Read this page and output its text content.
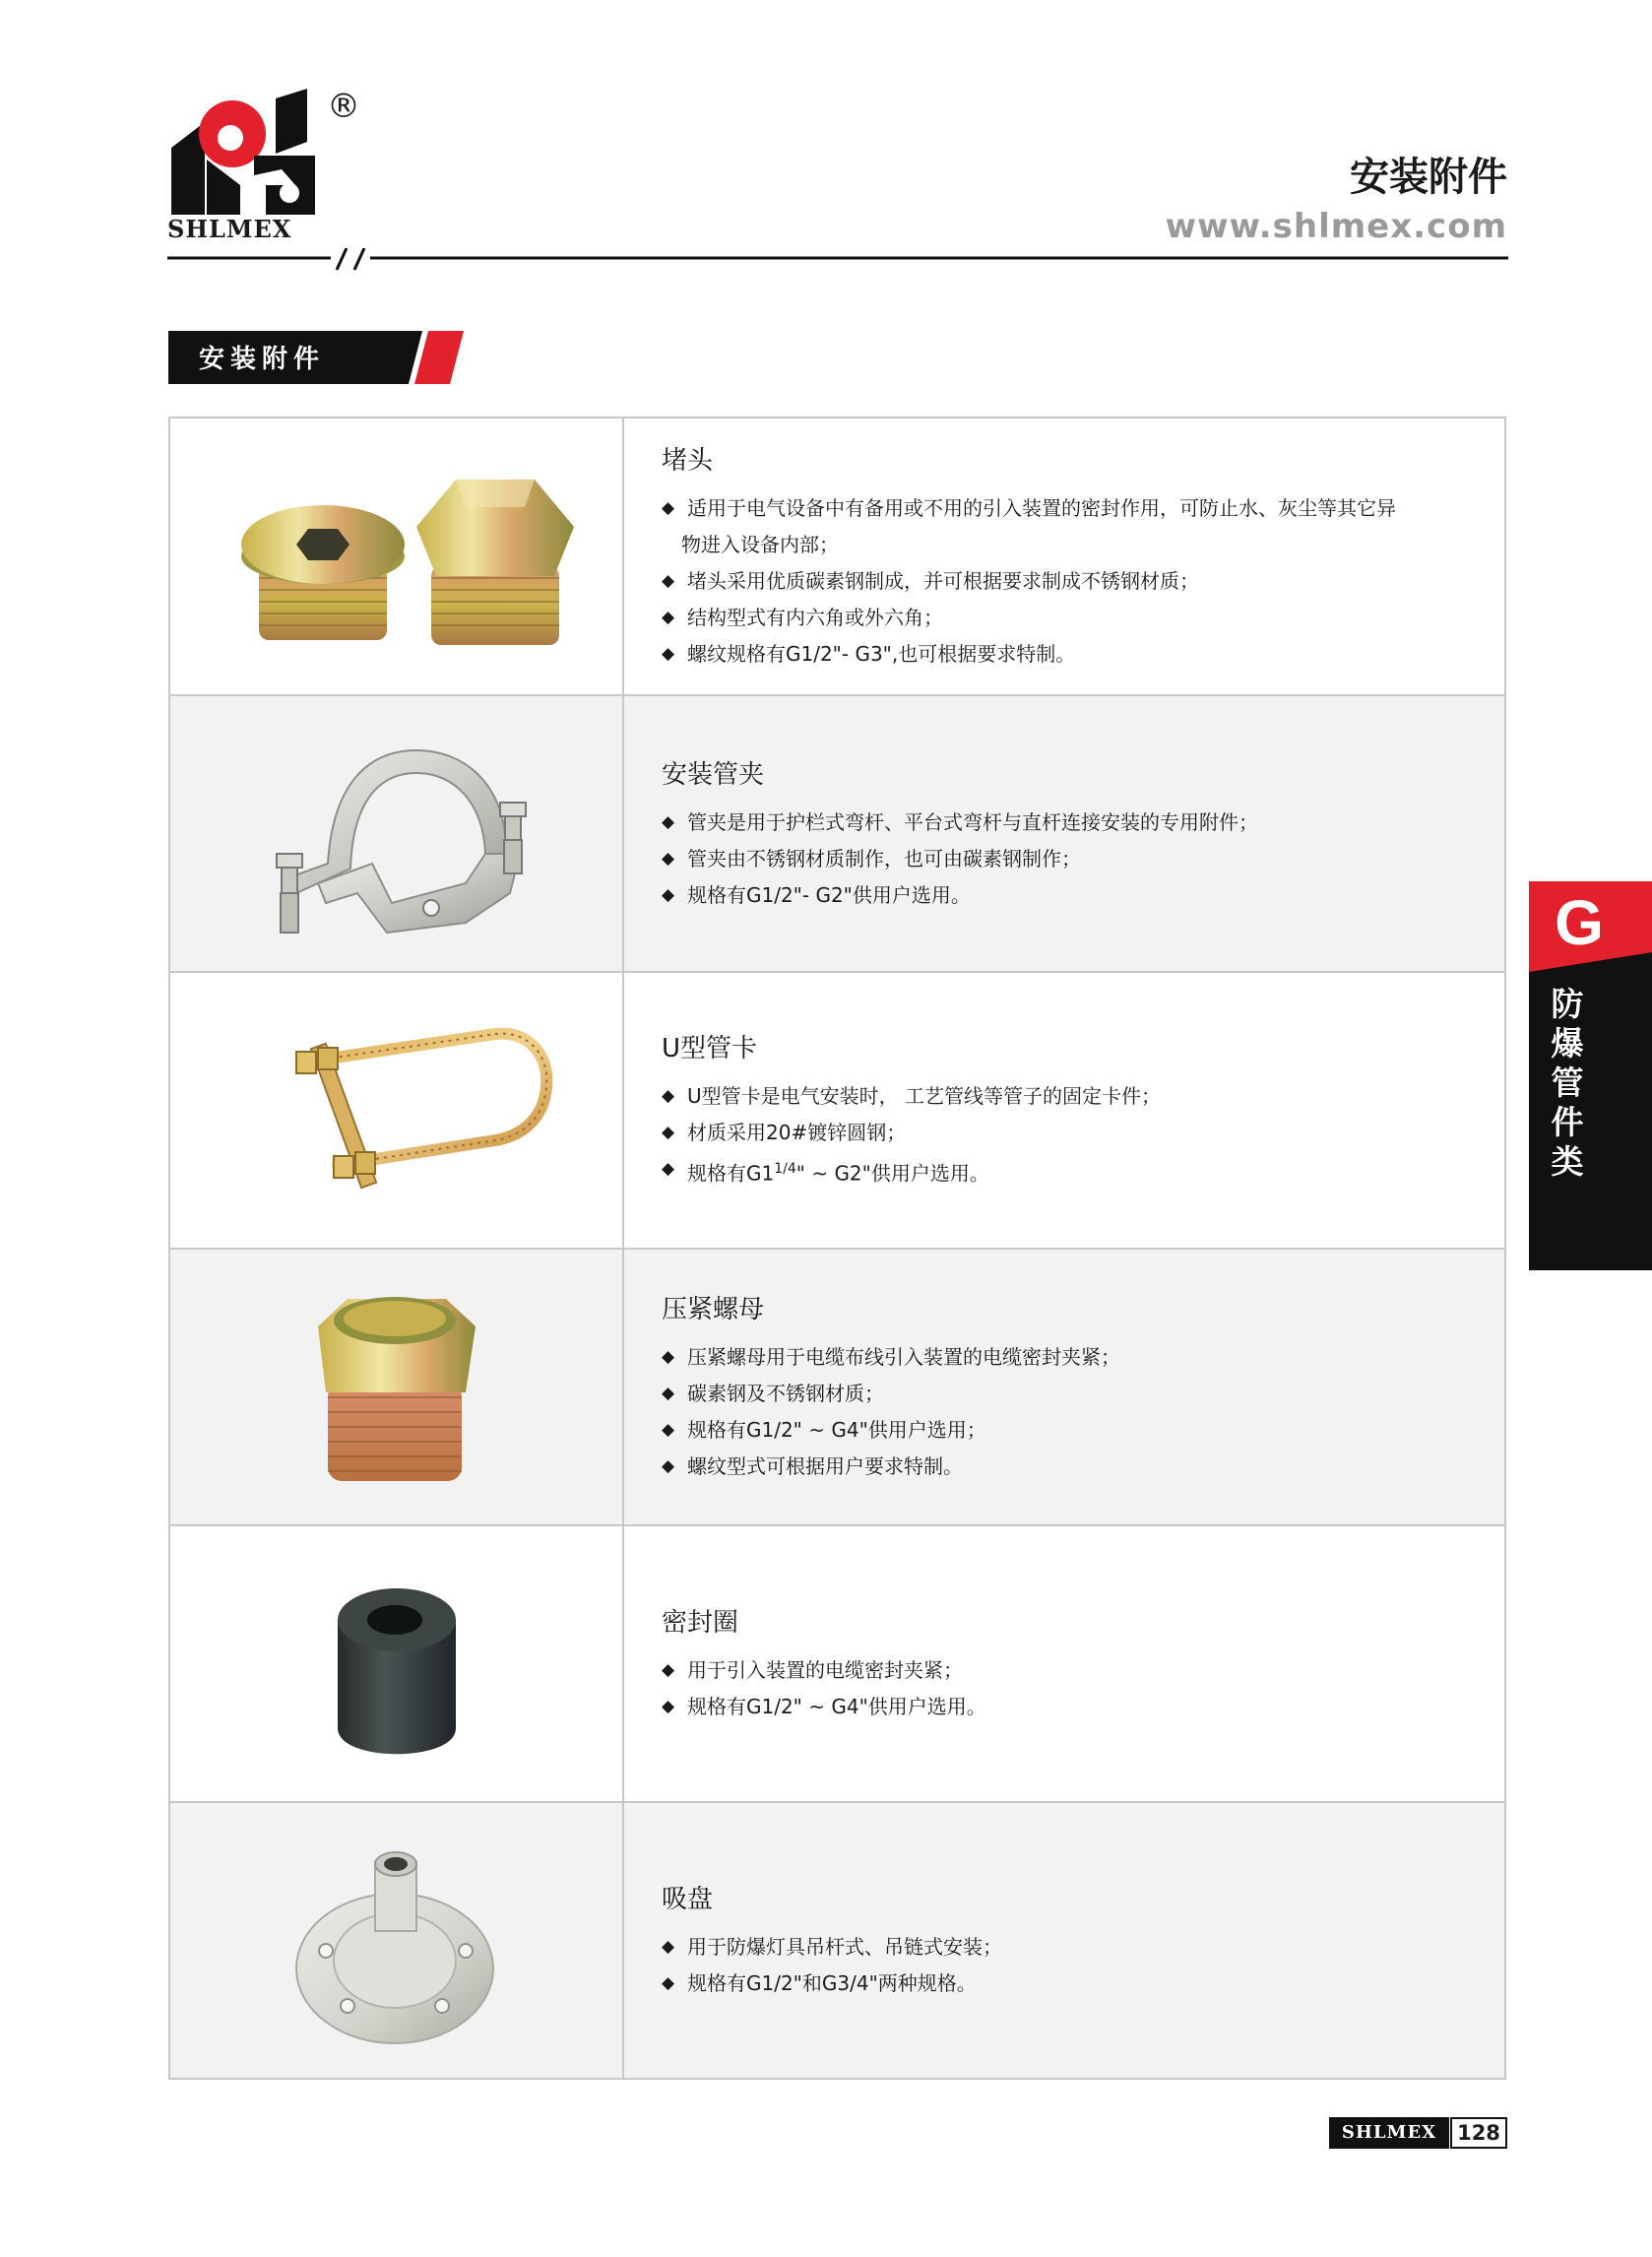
®
SHLMEX
安装附件
www.shlmex.com
安装附件
堵头
◆ 适用于电气设备中有备用或不用的引入装置的密封作用，可防止水、灰尘等其它异
物进入设备内部；
◆ 堵头采用优质碳素钢制成，并可根据要求制成不锈钢材质；
◆ 结构型式有内六角或外六角；
◆ 螺纹规格有G1/2"- G3",也可根据要求特制。
安装管夹
◆ 管夹是用于护栏式弯杆、平台式弯杆与直杆连接安装的专用附件；
◆ 管夹由不锈钢材质制作，也可由碳素钢制作；
◆ 规格有G1/2"- G2"供用户选用。
U型管卡
◆ U型管卡是电气安装时， 工艺管线等管子的固定卡件；
◆ 材质采用20#镀锌圆钢；
◆ 规格有$G1^{1/4}$" ~ G2"供用户选用。
压紧螺母
◆ 压紧螺母用于电缆布线引入装置的电缆密封夹紧；
◆ 碳素钢及不锈钢材质；
◆ 规格有G1/2" ~ G4"供用户选用；
◆ 螺纹型式可根据用户要求特制。
密封圈
◆ 用于引入装置的电缆密封夹紧；
◆ 规格有G1/2" ~ G4"供用户选用。
吸盘
◆ 用于防爆灯具吊杆式、吊链式安装；
◆ 规格有G1/2"和G3/4"两种规格。
G
防爆管件类
SHLMEX 128
